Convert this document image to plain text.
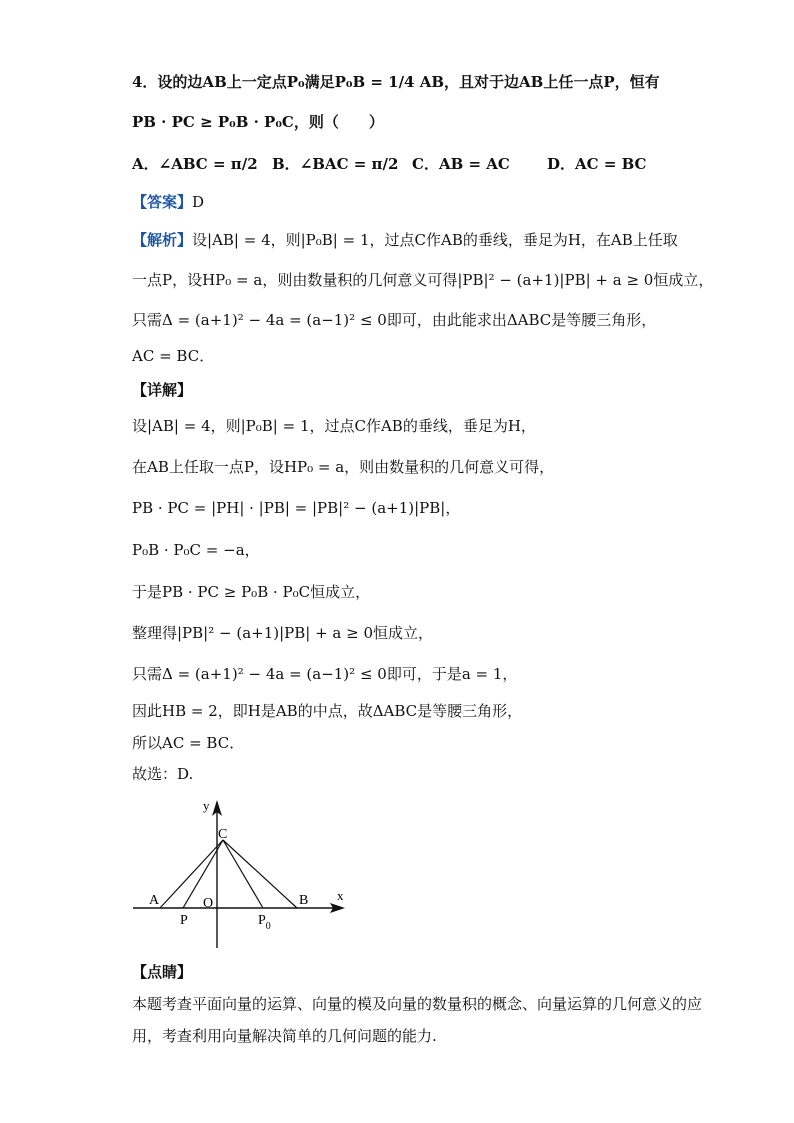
4．设的边AB上一定点P₀满足P₀B = 1/4 AB，且对于边AB上任一点P，恒有
PB · PC ≥ P₀B · P₀C，则（　　）
A．∠ABC = π/2 B．∠BAC = π/2 C．AB = AC D．AC = BC
【答案】D
【解析】设|AB| = 4，则|P₀B| = 1，过点C作AB的垂线，垂足为H，在AB上任取
一点P，设HP₀ = a，则由数量积的几何意义可得|PB|² − (a+1)|PB| + a ≥ 0恒成立，
只需Δ = (a+1)² − 4a = (a−1)² ≤ 0即可，由此能求出ΔABC是等腰三角形，
AC = BC．
【详解】
设|AB| = 4，则|P₀B| = 1，过点C作AB的垂线，垂足为H，
在AB上任取一点P，设HP₀ = a，则由数量积的几何意义可得，
PB · PC = |PH| · |PB| = |PB|² − (a+1)|PB|，
P₀B · P₀C = −a，
于是PB · PC ≥ P₀B · P₀C恒成立，
整理得|PB|² − (a+1)|PB| + a ≥ 0恒成立，
只需Δ = (a+1)² − 4a = (a−1)² ≤ 0即可，于是a = 1，
因此HB = 2，即H是AB的中点，故ΔABC是等腰三角形，
所以AC = BC．
故选：D.
y
x
C
A
P
O
$P_0$
B
【点睛】
本题考查平面向量的运算、向量的模及向量的数量积的概念、向量运算的几何意义的应
用，考查利用向量解决简单的几何问题的能力.
